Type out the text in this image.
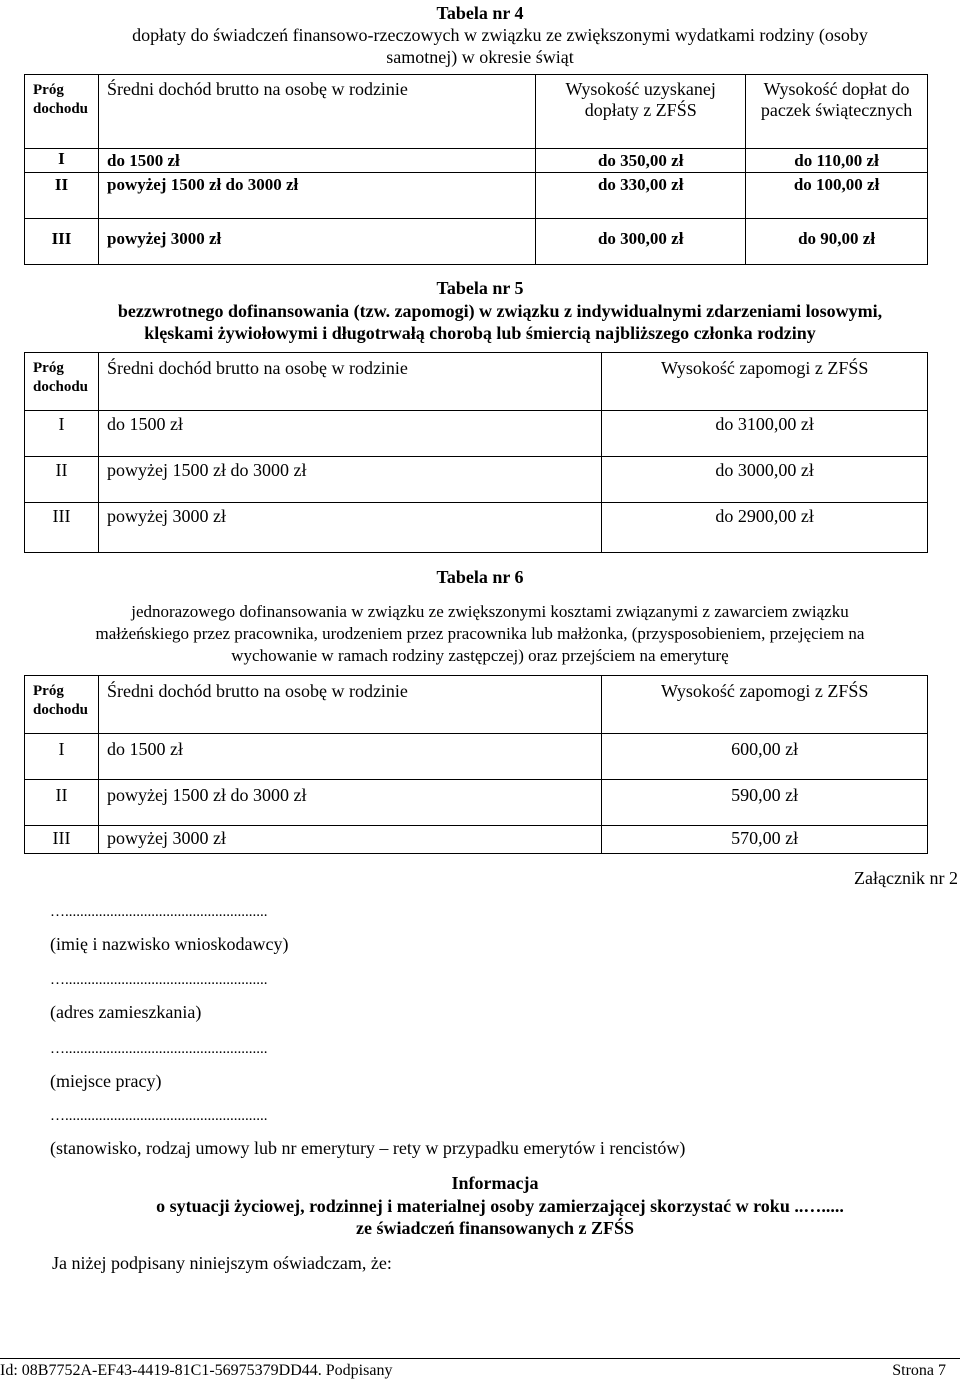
Tabela nr 4
dopłaty do świadczeń finansowo-rzeczowych w związku ze zwiększonymi wydatkami rodziny (osoby
samotnej) w okresie świąt
Próg dochodu	Średni dochód brutto na osobę w rodzinie	Wysokość uzyskanej dopłaty z ZFŚS	Wysokość dopłat do paczek świątecznych
I	do 1500 zł	do 350,00 zł	do 110,00 zł
II	powyżej 1500 zł do 3000 zł	do 330,00 zł	do 100,00 zł
III	powyżej 3000 zł	do 300,00 zł	do 90,00 zł
Tabela nr 5
bezzwrotnego dofinansowania (tzw. zapomogi) w związku z indywidualnymi zdarzeniami losowymi,
klęskami żywiołowymi i długotrwałą chorobą lub śmiercią najbliższego członka rodziny
Próg dochodu	Średni dochód brutto na osobę w rodzinie	Wysokość zapomogi z ZFŚS
I	do 1500 zł	do 3100,00 zł
II	powyżej 1500 zł do 3000 zł	do 3000,00 zł
III	powyżej 3000 zł	do 2900,00 zł
Tabela nr 6
jednorazowego dofinansowania w związku ze zwiększonymi kosztami związanymi z zawarciem związku
małżeńskiego przez pracownika, urodzeniem przez pracownika lub małżonka, (przysposobieniem, przejęciem na
wychowanie w ramach rodziny zastępczej) oraz przejściem na emeryturę
Próg dochodu	Średni dochód brutto na osobę w rodzinie	Wysokość zapomogi z ZFŚS
I	do 1500 zł	600,00 zł
II	powyżej 1500 zł do 3000 zł	590,00 zł
III	powyżej 3000 zł	570,00 zł
Załącznik nr 2
…......................................................
(imię i nazwisko wnioskodawcy)
…......................................................
(adres zamieszkania)
…......................................................
(miejsce pracy)
…......................................................
(stanowisko, rodzaj umowy lub nr emerytury – rety w przypadku emerytów i rencistów)
Informacja
o sytuacji życiowej, rodzinnej i materialnej osoby zamierzającej skorzystać w roku ..….....
ze świadczeń finansowanych z ZFŚS
Ja niżej podpisany niniejszym oświadczam, że:
Id: 08B7752A-EF43-4419-81C1-56975379DD44. Podpisany	Strona 7
